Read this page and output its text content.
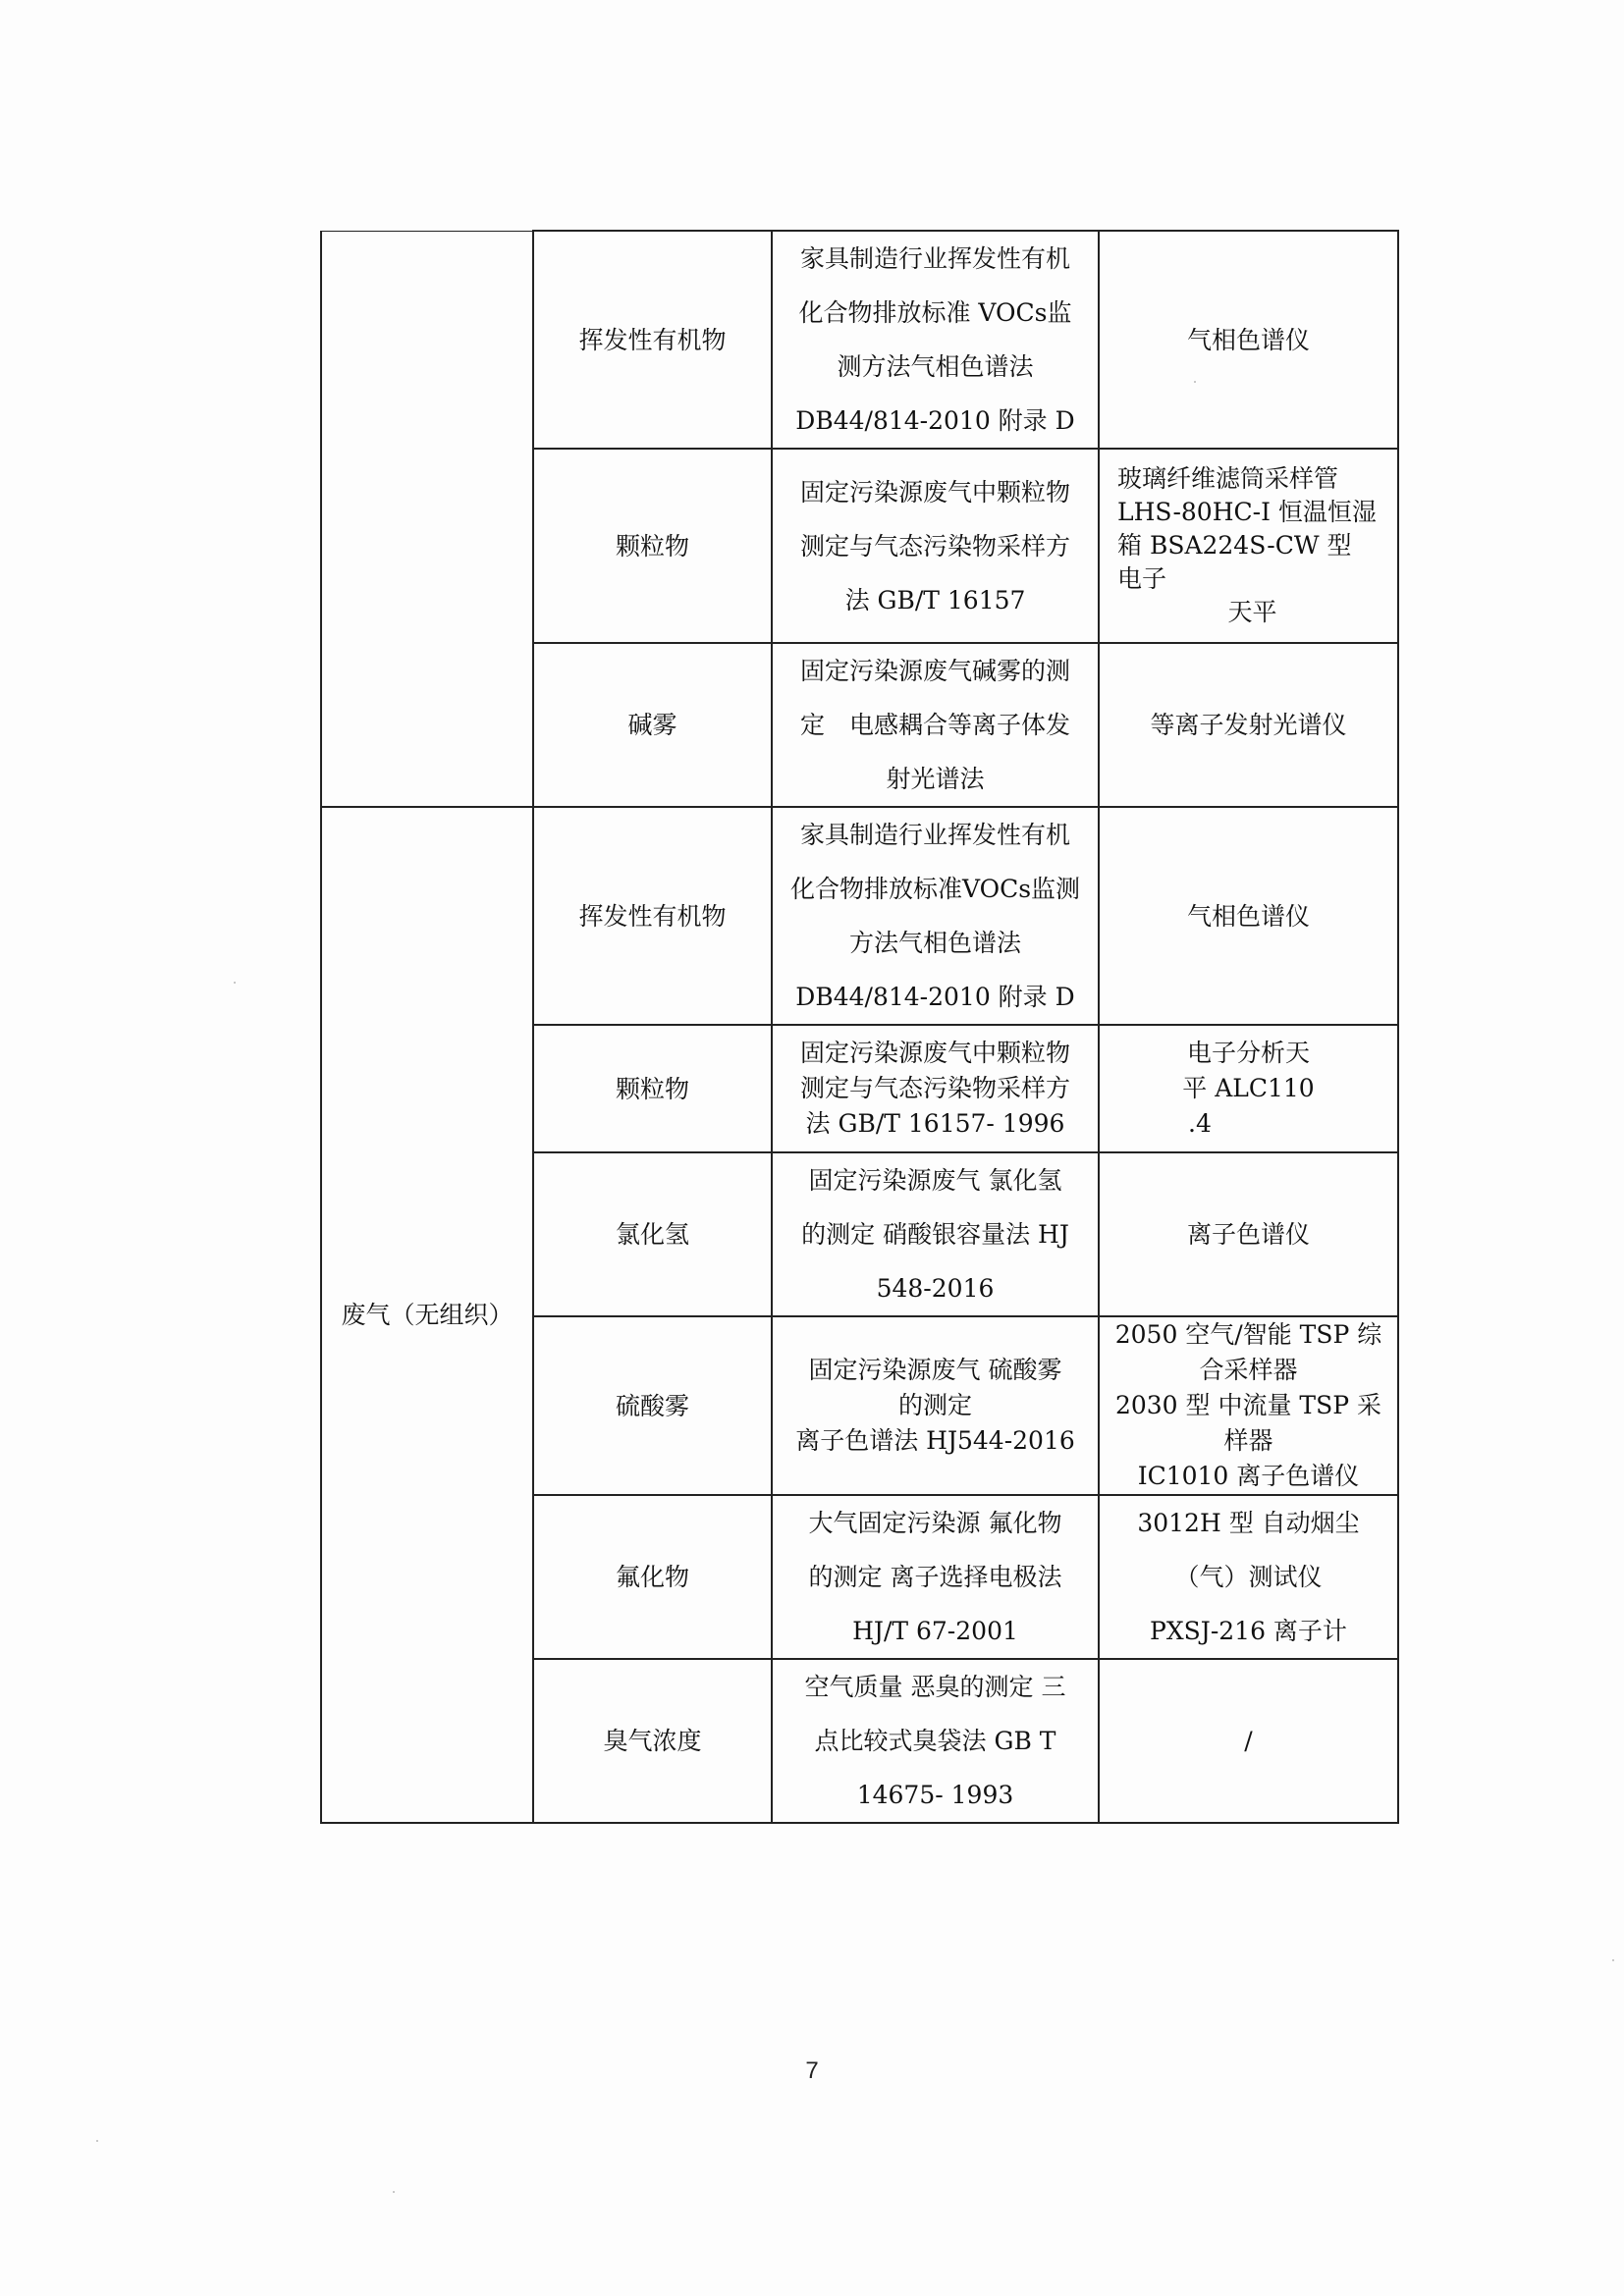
	挥发性有机物	家具制造行业挥发性有机
化合物排放标准 VOCs监
测方法气相色谱法
DB44/814-2010 附录 D	气相色谱仪

	颗粒物	固定污染源废气中颗粒物
测定与气态污染物采样方
法 GB/T 16157	玻璃纤维滤筒采样管
LHS-80HC-I 恒温恒湿
箱 BSA224S-CW 型
电子
天平

	碱雾	固定污染源废气碱雾的测
定　电感耦合等离子体发
射光谱法	等离子发射光谱仪

废气（无组织）	挥发性有机物	家具制造行业挥发性有机
化合物排放标准VOCs监测
方法气相色谱法
DB44/814-2010 附录 D	气相色谱仪

	颗粒物	固定污染源废气中颗粒物
测定与气态污染物采样方
法 GB/T 16157- 1996	电子分析天
平 ALC110
.4

	氯化氢	固定污染源废气 氯化氢
的测定 硝酸银容量法 HJ
548-2016	离子色谱仪

	硫酸雾	固定污染源废气 硫酸雾
的测定
离子色谱法 HJ544-2016	2050 空气/智能 TSP 综
合采样器
2030 型 中流量 TSP 采
样器
IC1010 离子色谱仪

	氟化物	大气固定污染源 氟化物
的测定 离子选择电极法
HJ/T 67-2001	3012H 型 自动烟尘
（气）测试仪
PXSJ-216 离子计

	臭气浓度	空气质量 恶臭的测定 三
点比较式臭袋法 GB T
14675- 1993	/
7
